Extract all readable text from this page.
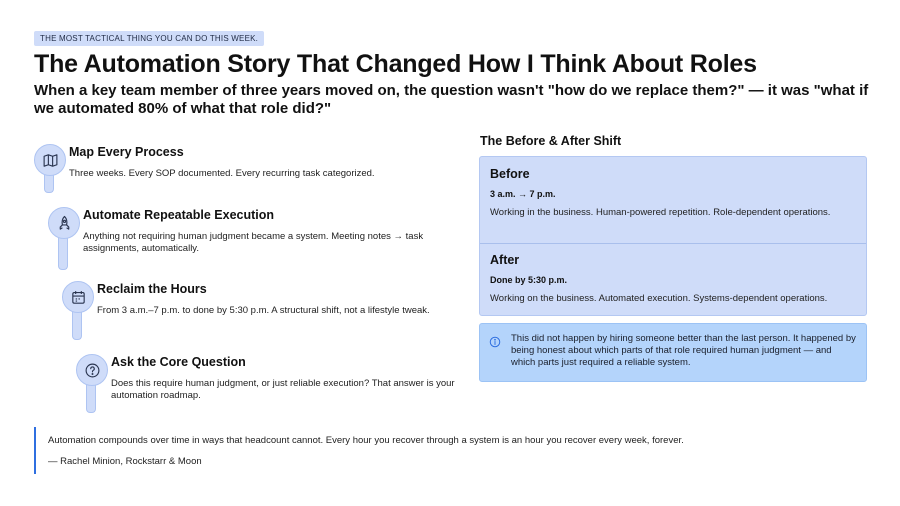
THE MOST TACTICAL THING YOU CAN DO THIS WEEK.
The Automation Story That Changed How I Think About Roles

When a key team member of three years moved on, the question wasn't "how do we replace them?" — it was "what if we automated 80% of what that role did?"

Map Every Process
Three weeks. Every SOP documented. Every recurring task categorized.
Automate Repeatable Execution
Anything not requiring human judgment became a system. Meeting notes → task assignments, automatically.
Reclaim the Hours
From 3 a.m.–7 p.m. to done by 5:30 p.m. A structural shift, not a lifestyle tweak.
Ask the Core Question
Does this require human judgment, or just reliable execution? That answer is your automation roadmap.
The Before & After Shift
Before
3 a.m. → 7 p.m.
Working in the business. Human-powered repetition. Role-dependent operations.
After
Done by 5:30 p.m.
Working on the business. Automated execution. Systems-dependent operations.
This did not happen by hiring someone better than the last person. It happened by being honest about which parts of that role required human judgment — and which parts just required a reliable system.
Automation compounds over time in ways that headcount cannot. Every hour you recover through a system is an hour you recover every week, forever.
— Rachel Minion, Rockstarr & Moon
